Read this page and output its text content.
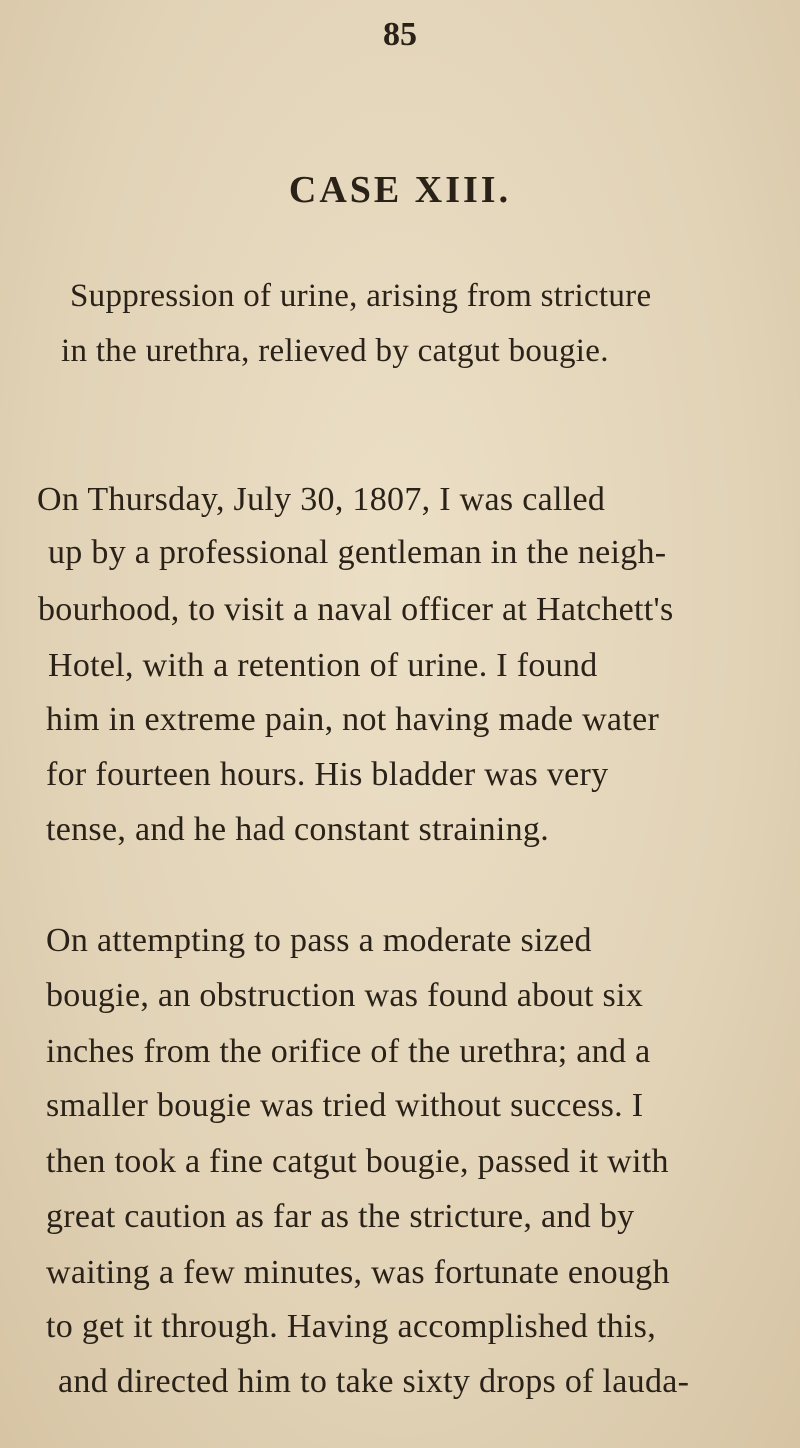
85
CASE XIII.
Suppression of urine, arising from stricture
in the urethra, relieved by catgut bougie.
On Thursday, July 30, 1807, I was called
up by a professional gentleman in the neigh-
bourhood, to visit a naval officer at Hatchett's
Hotel, with a retention of urine. I found
him in extreme pain, not having made water
for fourteen hours. His bladder was very
tense, and he had constant straining.
On attempting to pass a moderate sized
bougie, an obstruction was found about six
inches from the orifice of the urethra; and a
smaller bougie was tried without success. I
then took a fine catgut bougie, passed it with
great caution as far as the stricture, and by
waiting a few minutes, was fortunate enough
to get it through. Having accomplished this,
and directed him to take sixty drops of lauda-
